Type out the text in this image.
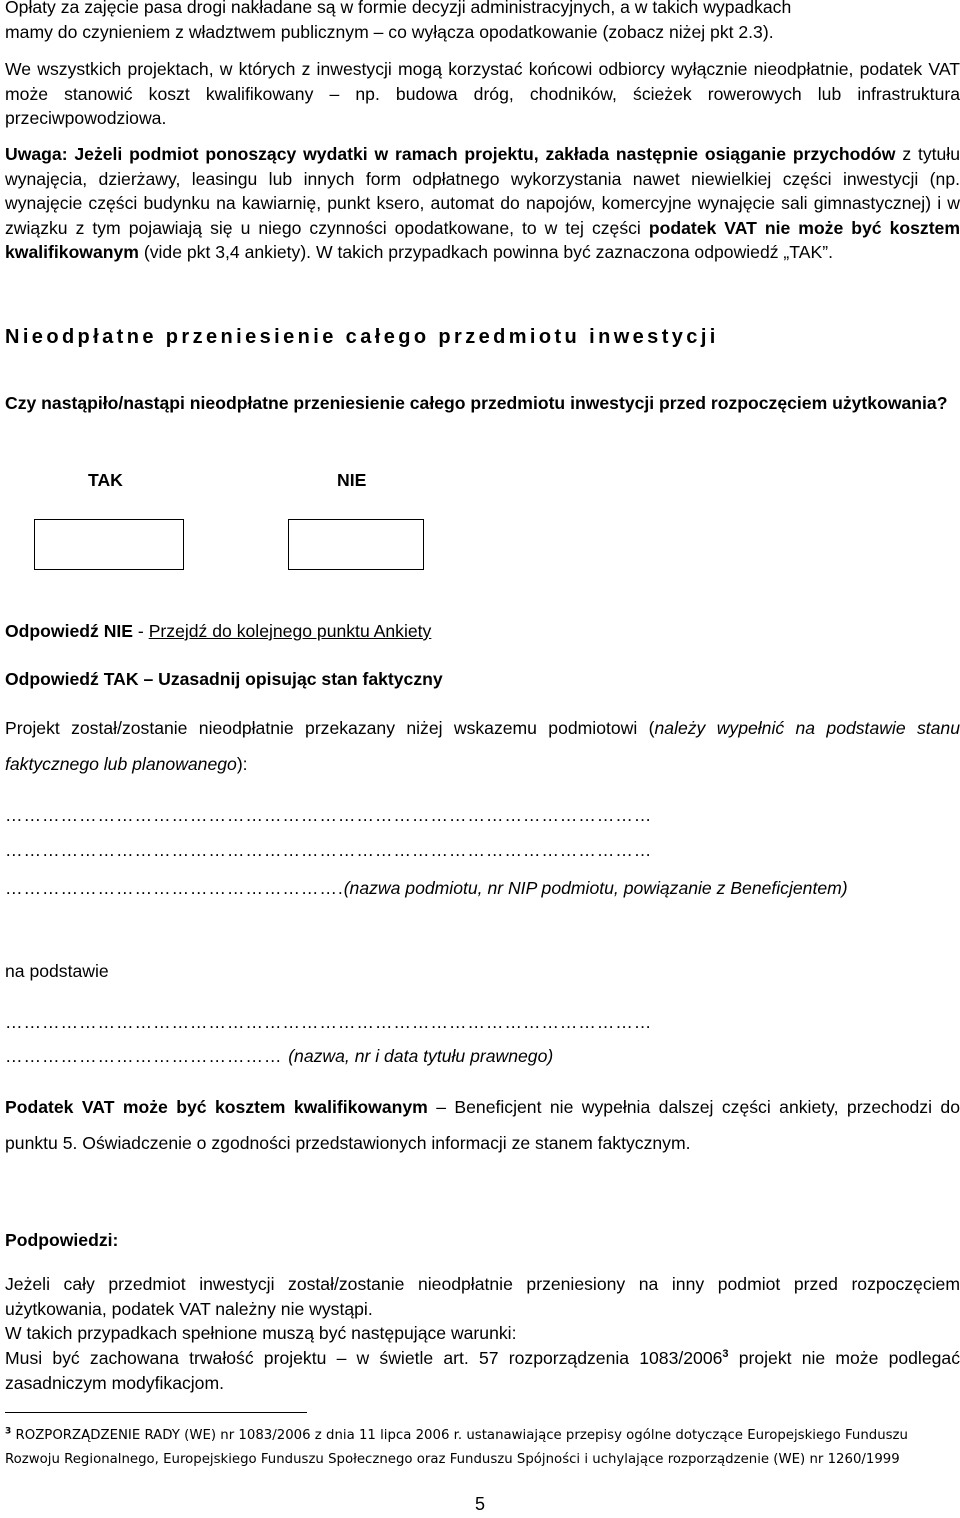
Opłaty za zajęcie pasa drogi nakładane są w formie decyzji administracyjnych, a w takich wypadkach
mamy do czynieniem z władztwem publicznym – co wyłącza opodatkowanie (zobacz niżej pkt 2.3).
We wszystkich projektach, w których z inwestycji mogą korzystać końcowi odbiorcy wyłącznie nieodpłatnie, podatek VAT może stanowić koszt kwalifikowany – np. budowa dróg, chodników, ścieżek rowerowych lub infrastruktura przeciwpowodziowa.
Uwaga: Jeżeli podmiot ponoszący wydatki w ramach projektu, zakłada następnie osiąganie przychodów z tytułu wynajęcia, dzierżawy, leasingu lub innych form odpłatnego wykorzystania nawet niewielkiej części inwestycji (np. wynajęcie części budynku na kawiarnię, punkt ksero, automat do napojów, komercyjne wynajęcie sali gimnastycznej) i w związku z tym pojawiają się u niego czynności opodatkowane, to w tej części podatek VAT nie może być kosztem kwalifikowanym (vide pkt 3,4 ankiety). W takich przypadkach powinna być zaznaczona odpowiedź „TAK”.
Nieodpłatne przeniesienie całego przedmiotu inwestycji
Czy nastąpiło/nastąpi nieodpłatne przeniesienie całego przedmiotu inwestycji przed rozpoczęciem użytkowania?
TAK	NIE
Odpowiedź NIE - Przejdź do kolejnego punktu Ankiety
Odpowiedź TAK – Uzasadnij opisując stan faktyczny
Projekt został/zostanie nieodpłatnie przekazany niżej wskazemu podmiotowi (należy wypełnić na podstawie stanu faktycznego lub planowanego):
……………………………………………………………………………………………
……………………………………………………………………………………………
……………………………………………….(nazwa podmiotu, nr NIP podmiotu, powiązanie z Beneficjentem)
na podstawie
……………………………………………………………………………………………
……………………………………… (nazwa, nr i data tytułu prawnego)
Podatek VAT może być kosztem kwalifikowanym – Beneficjent nie wypełnia dalszej części ankiety, przechodzi do punktu 5. Oświadczenie o zgodności przedstawionych informacji ze stanem faktycznym.
Podpowiedzi:
Jeżeli cały przedmiot inwestycji został/zostanie nieodpłatnie przeniesiony na inny podmiot przed rozpoczęciem użytkowania, podatek VAT należny nie wystąpi.
W takich przypadkach spełnione muszą być następujące warunki:
Musi być zachowana trwałość projektu – w świetle art. 57 rozporządzenia 1083/2006$^3$ projekt nie może podlegać zasadniczym modyfikacjom.
$^3$ ROZPORZĄDZENIE RADY (WE) nr 1083/2006 z dnia 11 lipca 2006 r. ustanawiające przepisy ogólne dotyczące Europejskiego Funduszu Rozwoju Regionalnego, Europejskiego Funduszu Społecznego oraz Funduszu Spójności i uchylające rozporządzenie (WE) nr 1260/1999
5
